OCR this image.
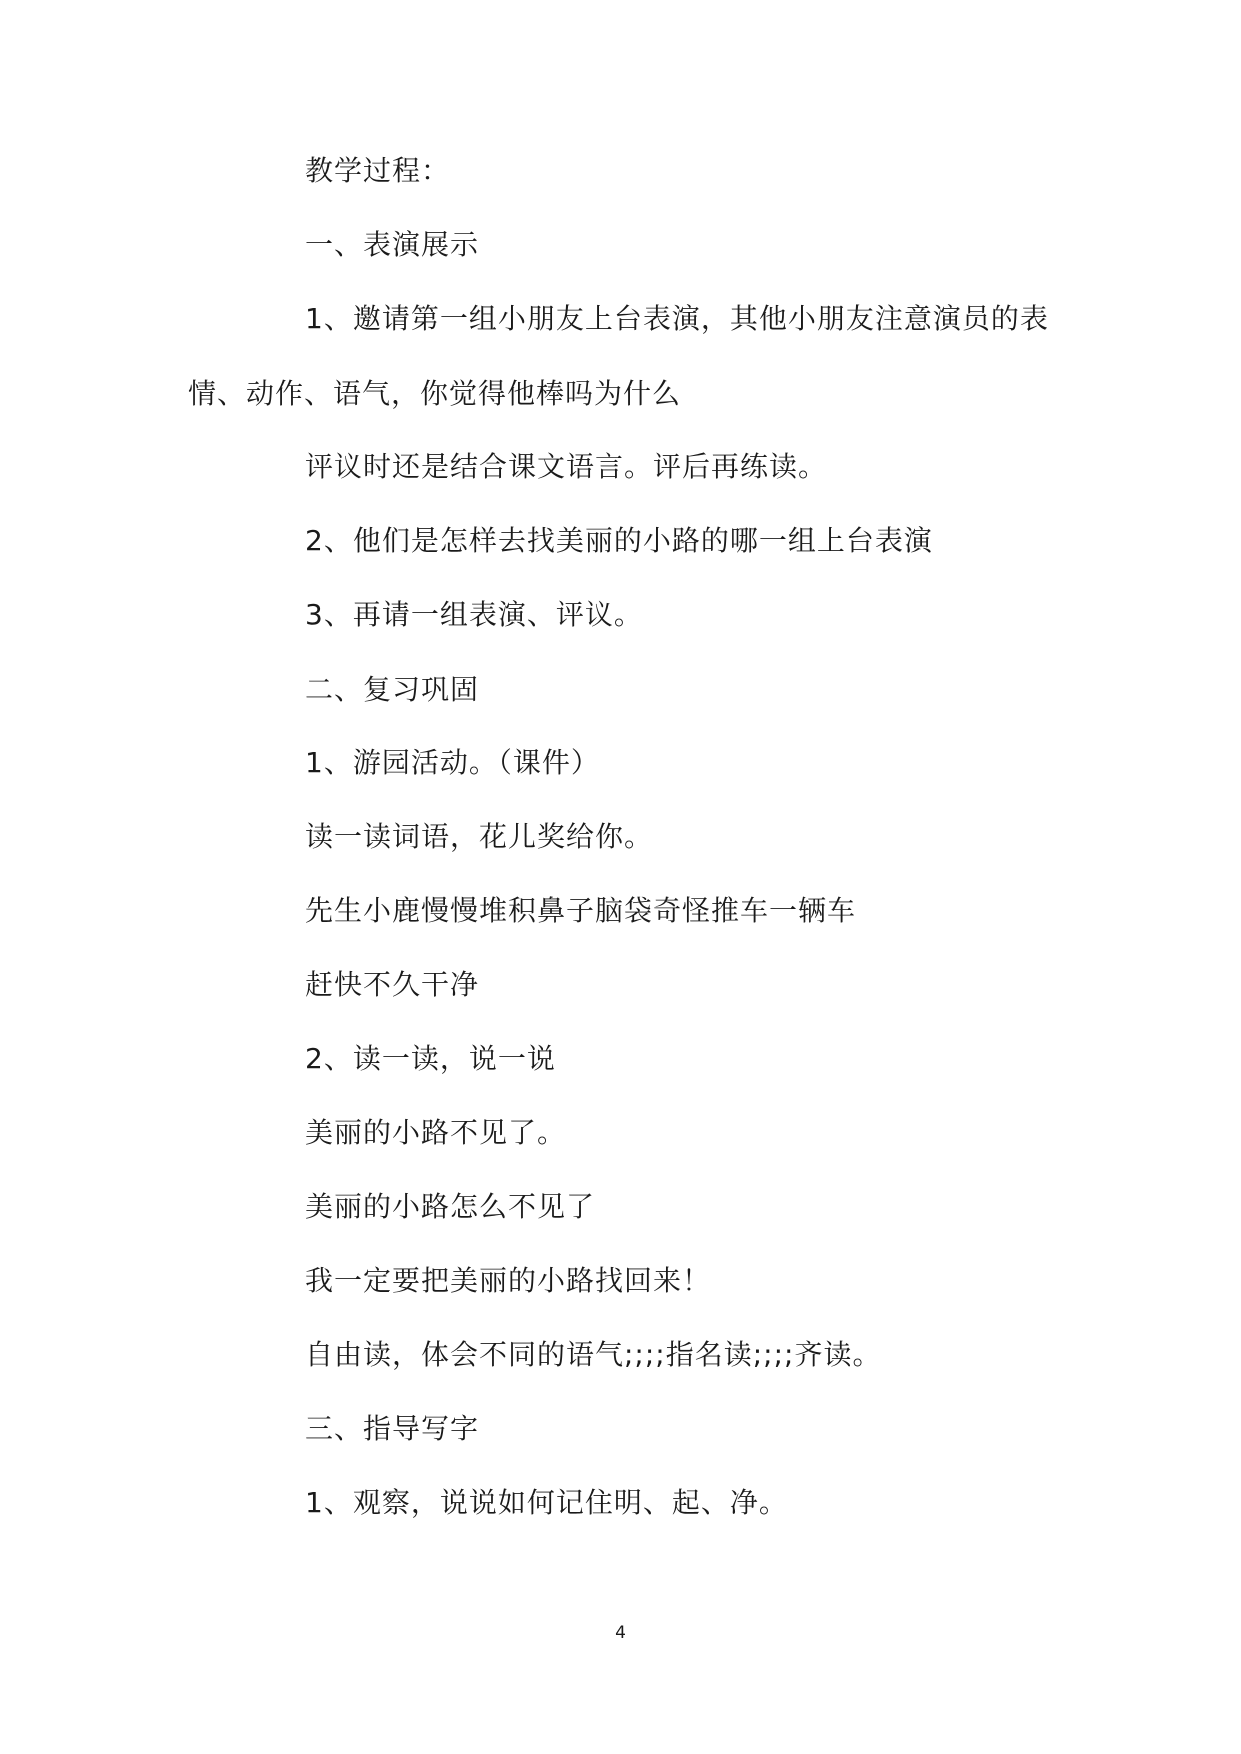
教学过程：
一、表演展示
1、邀请第一组小朋友上台表演，其他小朋友注意演员的表
情、动作、语气，你觉得他棒吗为什么
评议时还是结合课文语言。评后再练读。
2、他们是怎样去找美丽的小路的哪一组上台表演
3、再请一组表演、评议。
二、复习巩固
1、游园活动。（课件）
读一读词语，花儿奖给你。
先生小鹿慢慢堆积鼻子脑袋奇怪推车一辆车
赶快不久干净
2、读一读，说一说
美丽的小路不见了。
美丽的小路怎么不见了
我一定要把美丽的小路找回来！
自由读，体会不同的语气;;;;指名读;;;;齐读。
三、指导写字
1、观察，说说如何记住明、起、净。
4
